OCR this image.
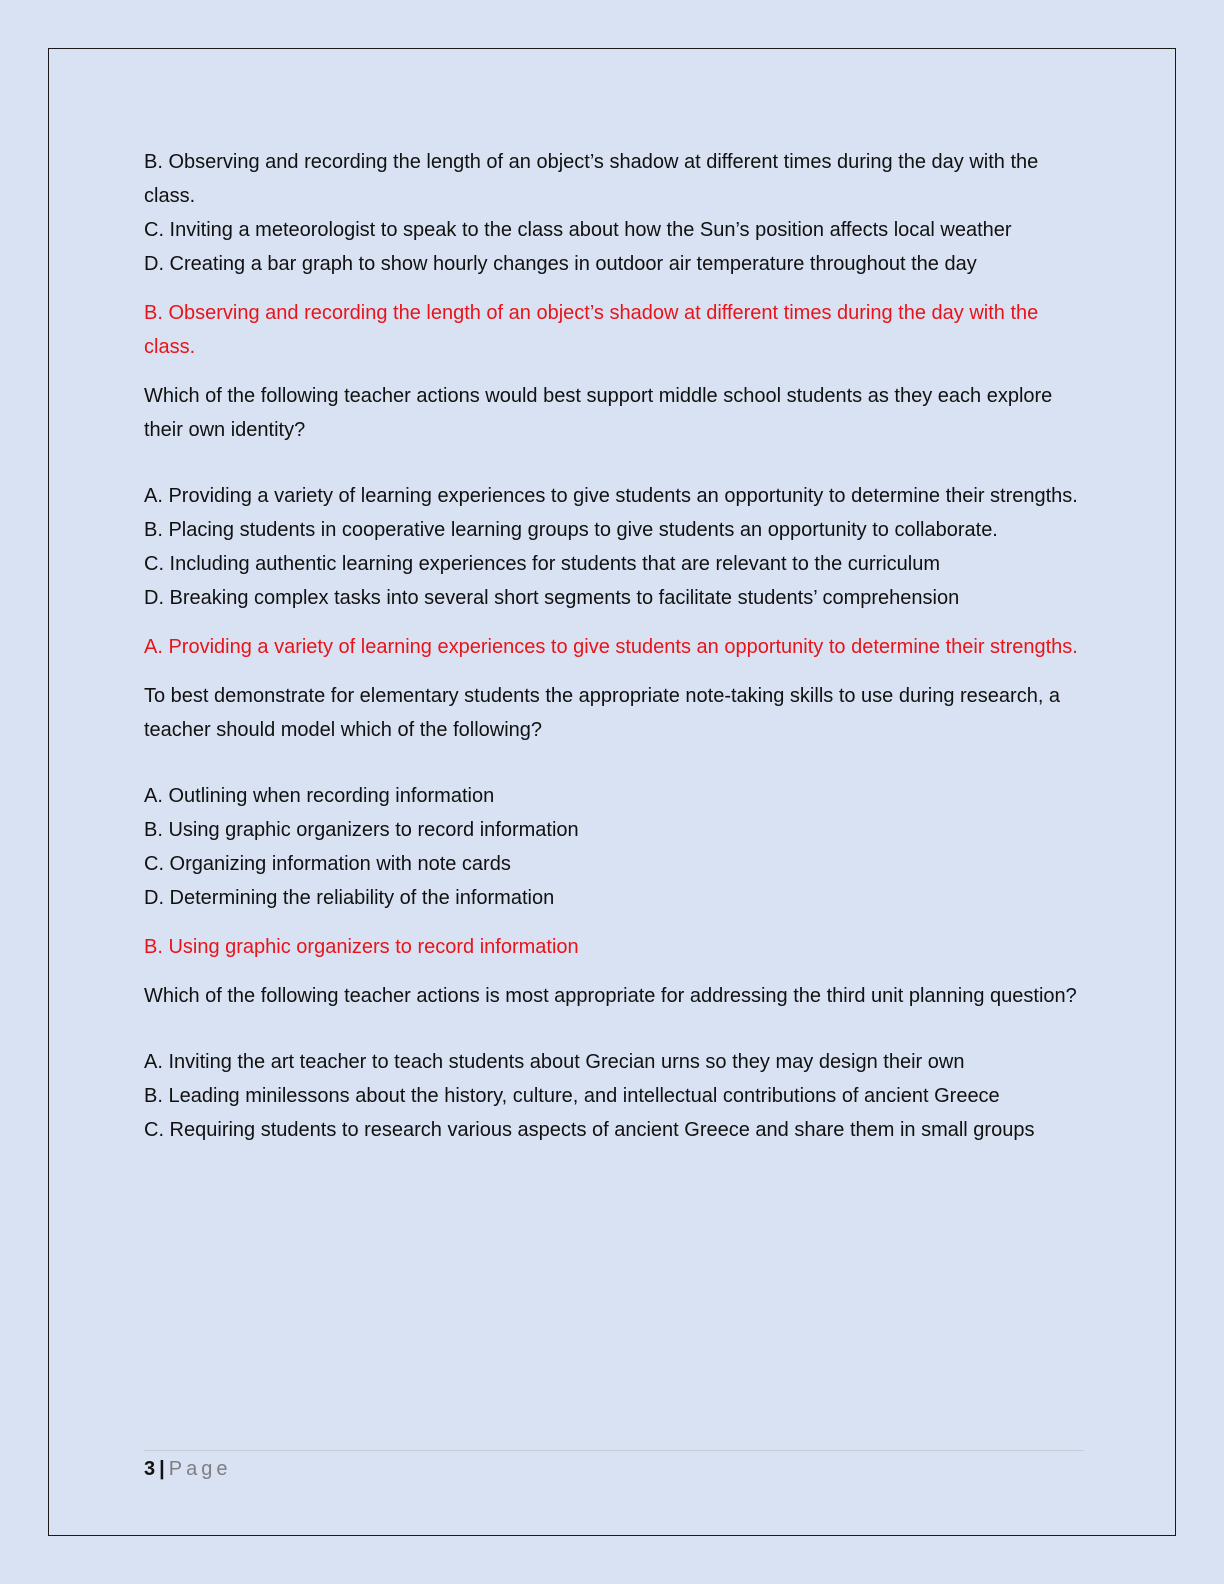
B. Observing and recording the length of an object’s shadow at different times during the day with the class.

C. Inviting a meteorologist to speak to the class about how the Sun’s position affects local weather

D. Creating a bar graph to show hourly changes in outdoor air temperature throughout the day

B. Observing and recording the length of an object’s shadow at different times during the day with the class.

Which of the following teacher actions would best support middle school students as they each explore their own identity?

A. Providing a variety of learning experiences to give students an opportunity to determine their strengths.

B. Placing students in cooperative learning groups to give students an opportunity to collaborate.

C. Including authentic learning experiences for students that are relevant to the curriculum

D. Breaking complex tasks into several short segments to facilitate students’ comprehension

A. Providing a variety of learning experiences to give students an opportunity to determine their strengths.

To best demonstrate for elementary students the appropriate note-taking skills to use during research, a teacher should model which of the following?

A. Outlining when recording information

B. Using graphic organizers to record information

C. Organizing information with note cards

D. Determining the reliability of the information

B. Using graphic organizers to record information

Which of the following teacher actions is most appropriate for addressing the third unit planning question?

A. Inviting the art teacher to teach students about Grecian urns so they may design their own

B. Leading minilessons about the history, culture, and intellectual contributions of ancient Greece

C. Requiring students to research various aspects of ancient Greece and share them in small groups

3 | Page
